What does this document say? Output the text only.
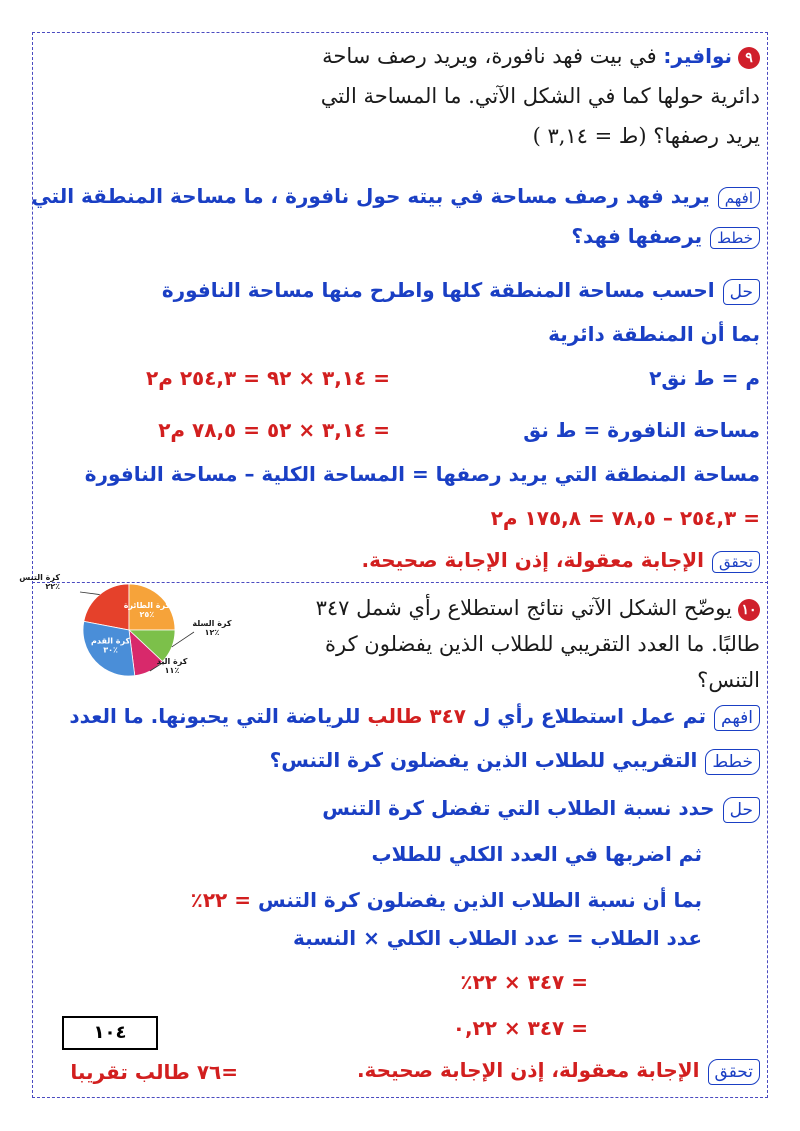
٩نوافير: في بيت فهد نافورة، ويريد رصف ساحة
دائرية حولها كما في الشكل الآتي. ما المساحة التي
يريد رصفها؟ (ط = ٣,١٤ )
افهميريد فهد رصف مساحة في بيته حول نافورة ، ما مساحة المنطقة التي
خططيرصفها فهد؟
حلاحسب مساحة المنطقة كلها واطرح منها مساحة النافورة
بما أن المنطقة دائرية
م = ط نق٢
= ٣,١٤ × ٩٢ = ٢٥٤,٣ م٢
مساحة النافورة = ط نق
= ٣,١٤ × ٥٢ = ٧٨,٥ م٢
مساحة المنطقة التي يريد رصفها = المساحة الكلية – مساحة النافورة
= ٢٥٤,٣ – ٧٨,٥ = ١٧٥,٨ م٢
تحققالإجابة معقولة، إذن الإجابة صحيحة.
كرة التنس
٪٢٢
كرة الطائرة
٪٢٥
كرة السلة
٪١٢
كرة اليد
٪١١
كرة القدم
٪٣٠
١٠يوضّح الشكل الآتي نتائج استطلاع رأي شمل ٣٤٧
طالبًا. ما العدد التقريبي للطلاب الذين يفضلون كرة
التنس؟
افهمتم عمل استطلاع رأي ل ٣٤٧ طالب للرياضة التي يحبونها. ما العدد
خططالتقريبي للطلاب الذين يفضلون كرة التنس؟
حلحدد نسبة الطلاب التي تفضل كرة التنس
ثم اضربها في العدد الكلي للطلاب
بما أن نسبة الطلاب الذين يفضلون كرة التنس = ٢٢٪
عدد الطلاب = عدد الطلاب الكلي × النسبة
= ٣٤٧ × ٢٢٪
= ٣٤٧ × ٠,٢٢
١٠٤
تحققالإجابة معقولة، إذن الإجابة صحيحة.
=٧٦ طالب تقريبا
